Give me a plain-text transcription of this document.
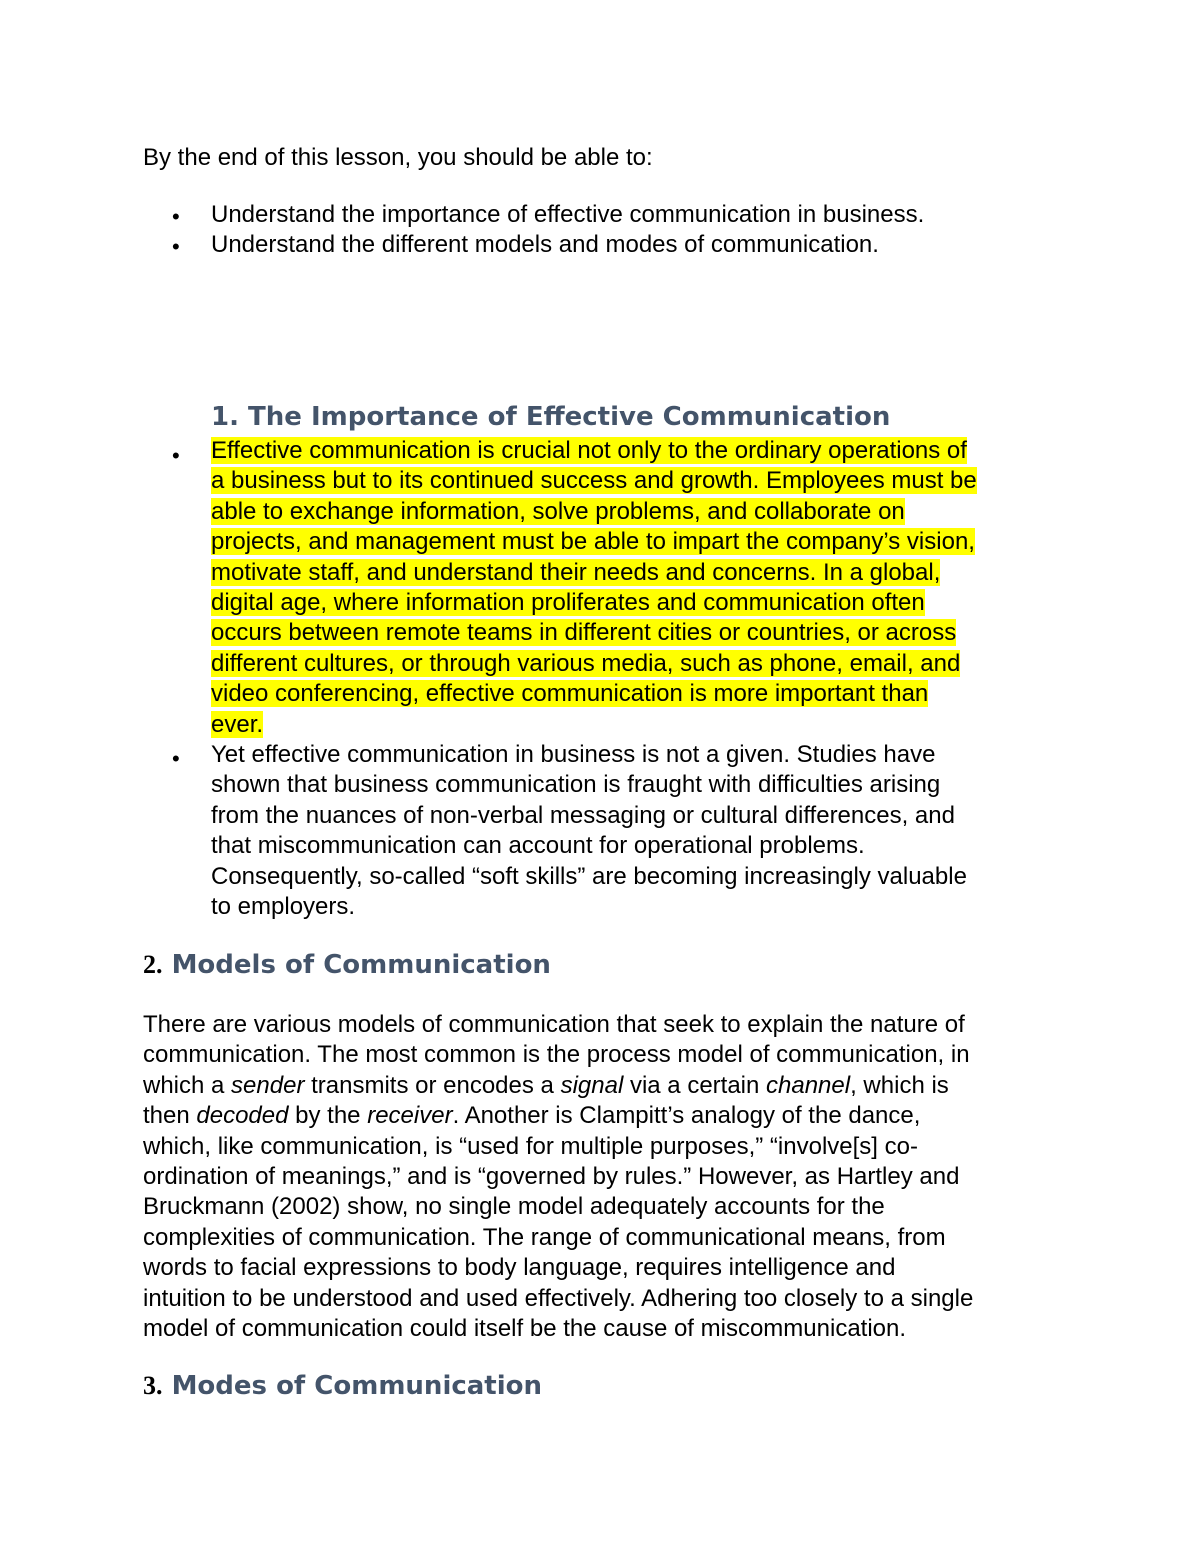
By the end of this lesson, you should be able to:

• Understand the importance of effective communication in business.

• Understand the different models and modes of communication.

1. The Importance of Effective Communication
• Effective communication is crucial not only to the ordinary operations of
a business but to its continued success and growth. Employees must be
able to exchange information, solve problems, and collaborate on
projects, and management must be able to impart the company’s vision,
motivate staff, and understand their needs and concerns. In a global,
digital age, where information proliferates and communication often
occurs between remote teams in different cities or countries, or across
different cultures, or through various media, such as phone, email, and
video conferencing, effective communication is more important than
ever.
• Yet effective communication in business is not a given. Studies have
shown that business communication is fraught with difficulties arising
from the nuances of non-verbal messaging or cultural differences, and
that miscommunication can account for operational problems.
Consequently, so-called “soft skills” are becoming increasingly valuable
to employers.
2. Models of Communication
There are various models of communication that seek to explain the nature of
communication. The most common is the process model of communication, in
which a sender transmits or encodes a signal via a certain channel, which is
then decoded by the receiver. Another is Clampitt’s analogy of the dance,
which, like communication, is “used for multiple purposes,” “involve[s] co-
ordination of meanings,” and is “governed by rules.” However, as Hartley and
Bruckmann (2002) show, no single model adequately accounts for the
complexities of communication. The range of communicational means, from
words to facial expressions to body language, requires intelligence and
intuition to be understood and used effectively. Adhering too closely to a single
model of communication could itself be the cause of miscommunication.
3. Modes of Communication
